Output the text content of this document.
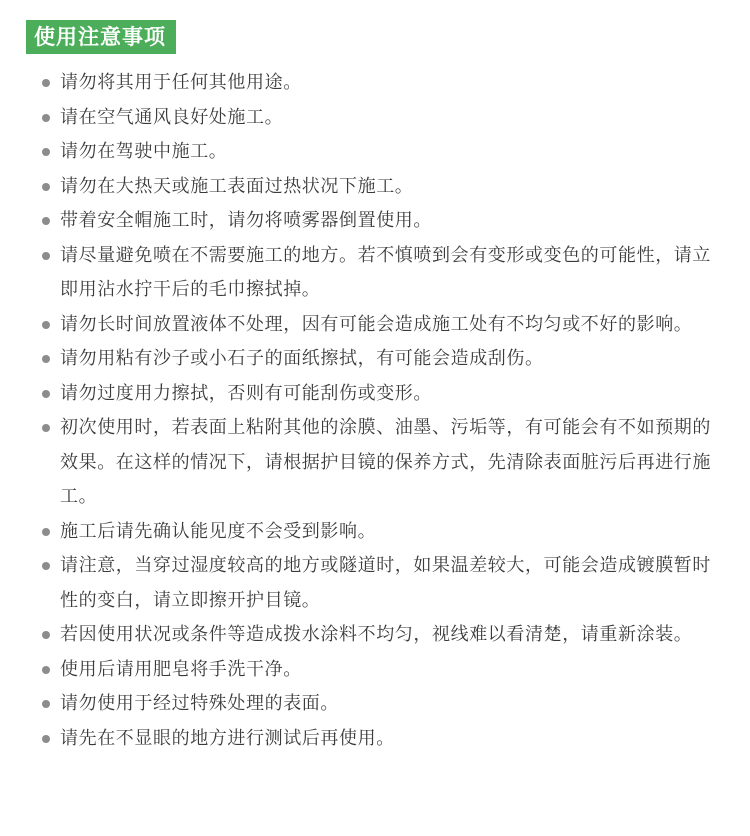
使用注意事项
请勿将其用于任何其他用途。
请在空气通风良好处施工。
请勿在驾驶中施工。
请勿在大热天或施工表面过热状况下施工。
带着安全帽施工时，请勿将喷雾器倒置使用。
请尽量避免喷在不需要施工的地方。若不慎喷到会有变形或变色的可能性，请立即用沾水拧干后的毛巾擦拭掉。
请勿长时间放置液体不处理，因有可能会造成施工处有不均匀或不好的影响。
请勿用粘有沙子或小石子的面纸擦拭，有可能会造成刮伤。
请勿过度用力擦拭，否则有可能刮伤或变形。
初次使用时，若表面上粘附其他的涂膜、油墨、污垢等，有可能会有不如预期的效果。在这样的情况下，请根据护目镜的保养方式，先清除表面脏污后再进行施工。
施工后请先确认能见度不会受到影响。
请注意，当穿过湿度较高的地方或隧道时，如果温差较大，可能会造成镀膜暂时性的变白，请立即擦开护目镜。
若因使用状况或条件等造成拨水涂料不均匀，视线难以看清楚，请重新涂装。
使用后请用肥皂将手洗干净。
请勿使用于经过特殊处理的表面。
请先在不显眼的地方进行测试后再使用。
